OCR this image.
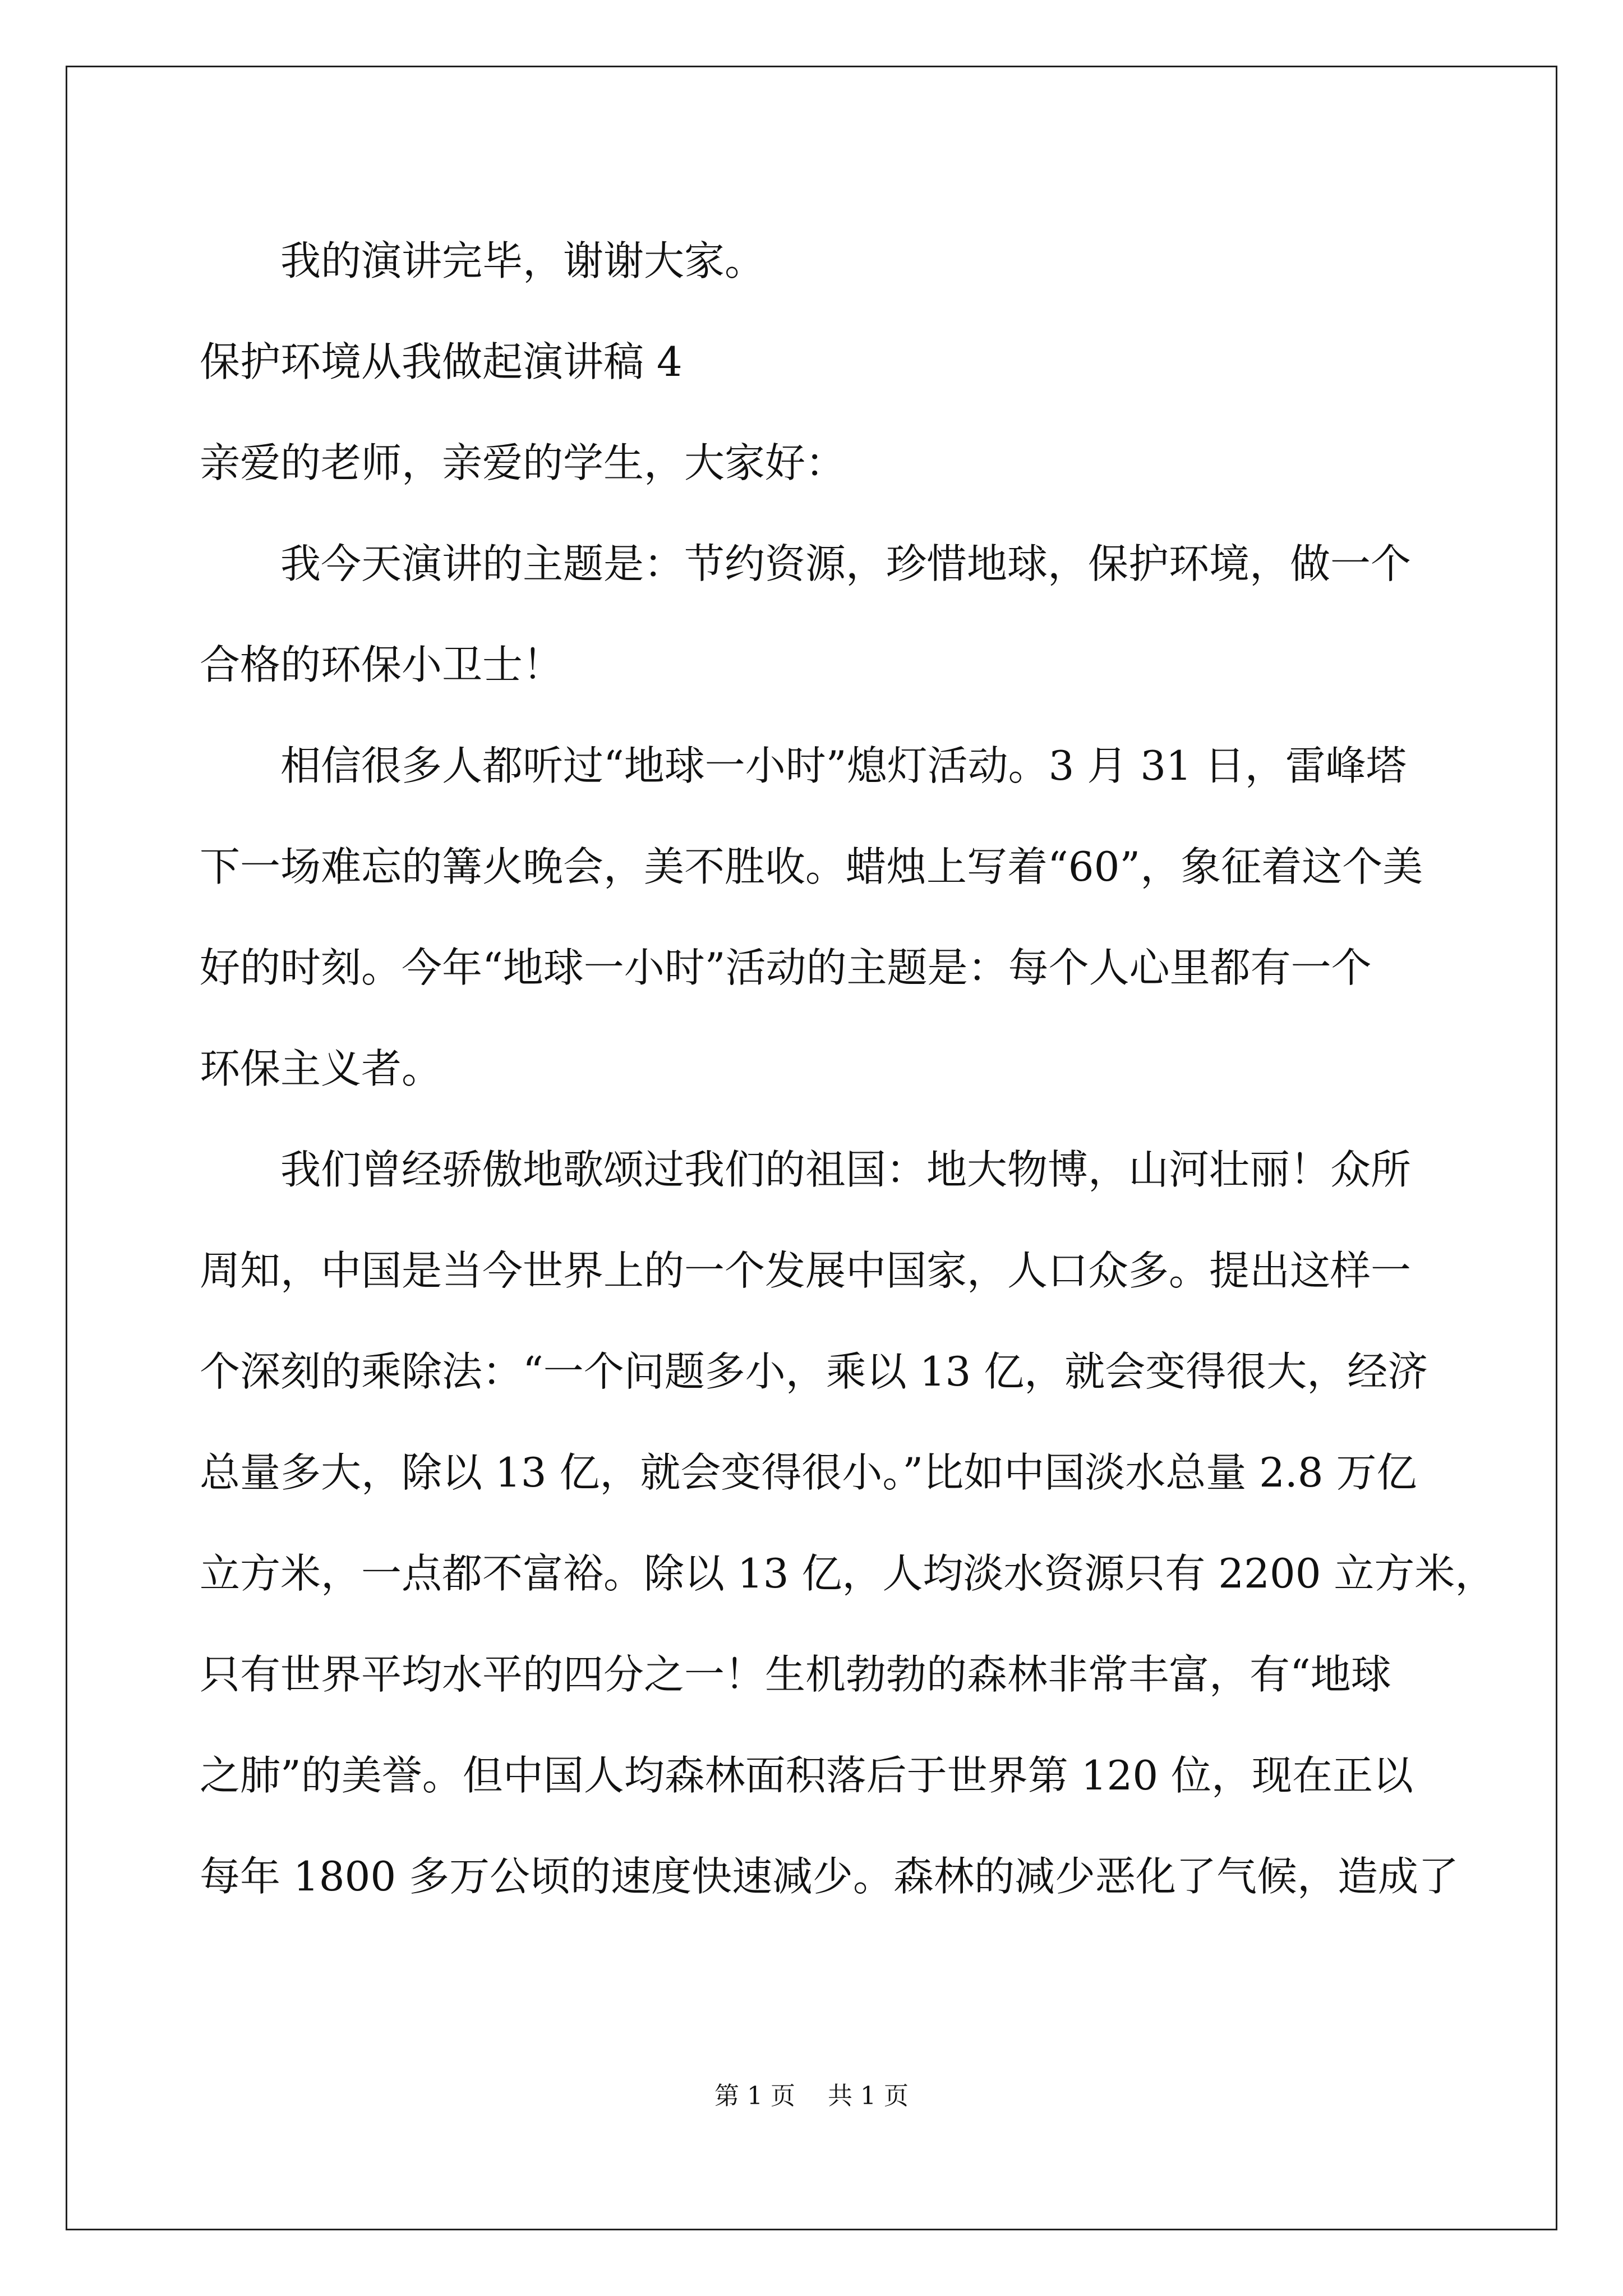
我的演讲完毕，谢谢大家。
保护环境从我做起演讲稿 4
亲爱的老师，亲爱的学生，大家好：
我今天演讲的主题是：节约资源，珍惜地球，保护环境，做一个
合格的环保小卫士！
相信很多人都听过“地球一小时”熄灯活动。3 月 31 日，雷峰塔
下一场难忘的篝火晚会，美不胜收。蜡烛上写着“60”，象征着这个美
好的时刻。今年“地球一小时”活动的主题是：每个人心里都有一个
环保主义者。
我们曾经骄傲地歌颂过我们的祖国：地大物博，山河壮丽！众所
周知，中国是当今世界上的一个发展中国家，人口众多。提出这样一
个深刻的乘除法：“一个问题多小，乘以 13 亿，就会变得很大，经济
总量多大，除以 13 亿，就会变得很小。”比如中国淡水总量 2.8 万亿
立方米，一点都不富裕。除以 13 亿，人均淡水资源只有 2200 立方米，
只有世界平均水平的四分之一！生机勃勃的森林非常丰富，有“地球
之肺”的美誉。但中国人均森林面积落后于世界第 120 位，现在正以
每年 1800 多万公顷的速度快速减少。森林的减少恶化了气候，造成了
第 1 页 共 1 页
